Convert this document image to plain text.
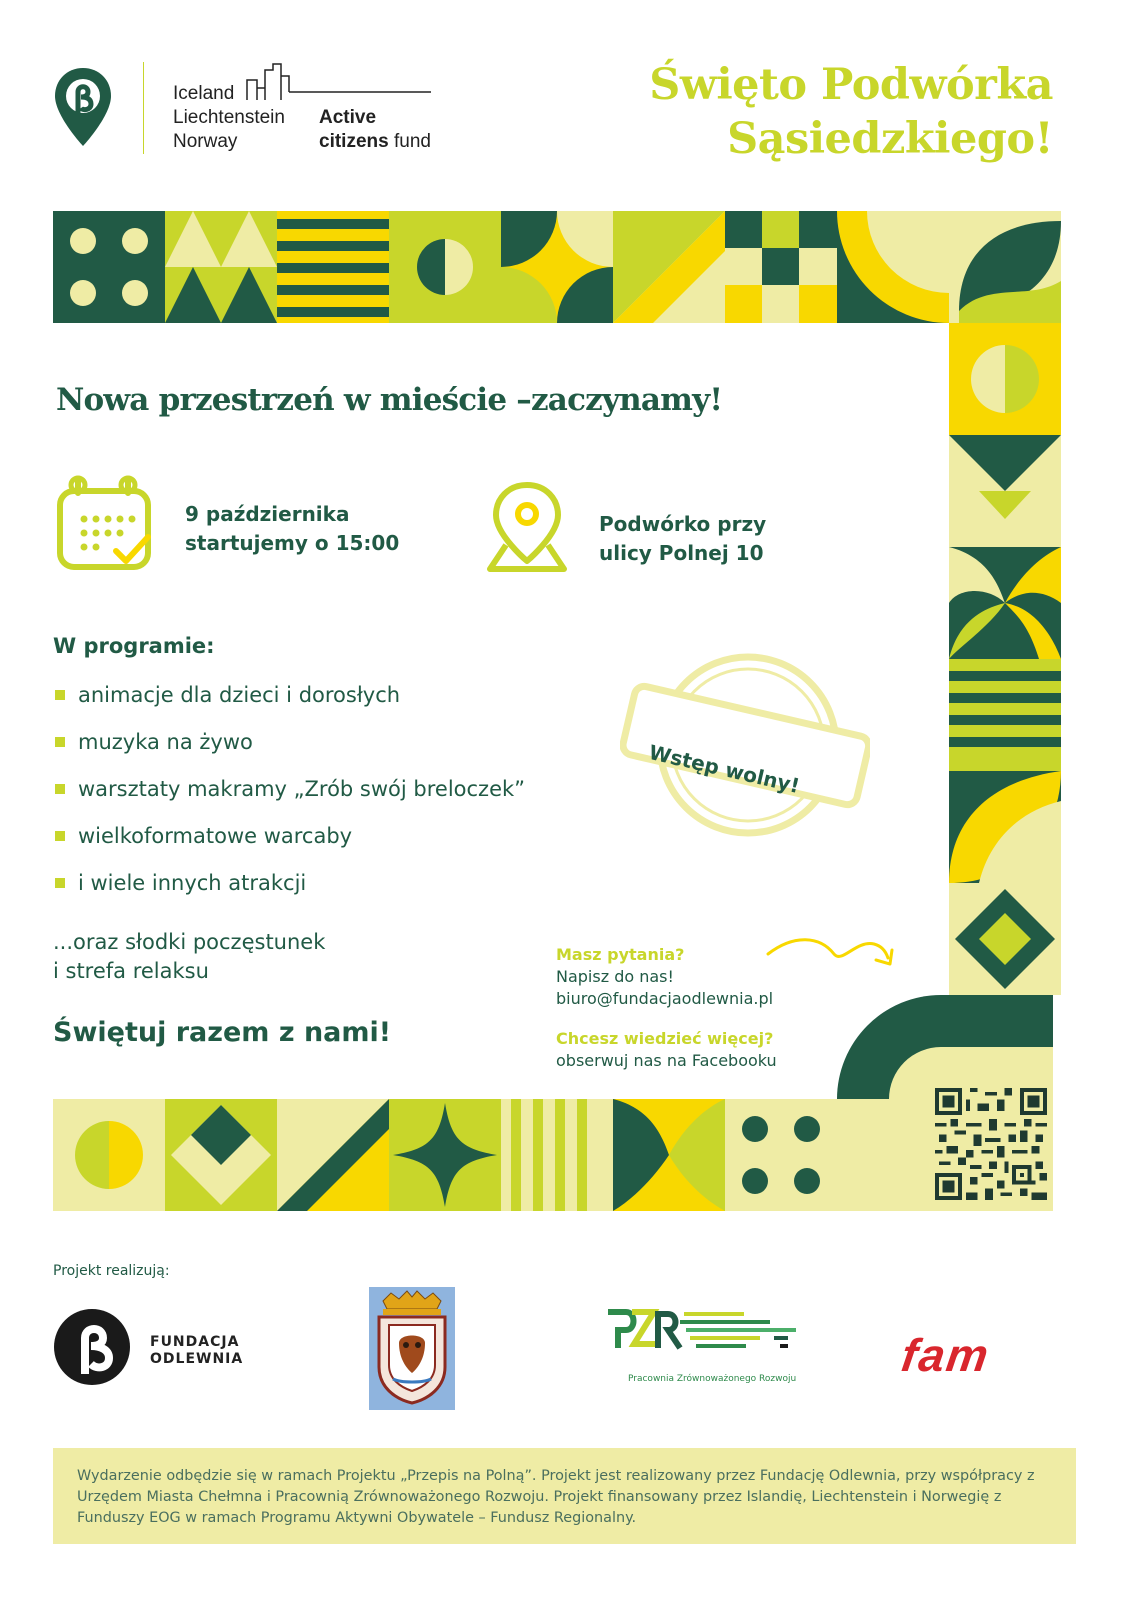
Iceland
Liechtenstein
Norway
Active
citizens fund
Święto Podwórka
Sąsiedzkiego!
Nowa przestrzeń w mieście –zaczynamy!
9 października
startujemy o 15:00
Podwórko przy
ulicy Polnej 10
W programie:
animacje dla dzieci i dorosłych
muzyka na żywo
warsztaty makramy „Zrób swój breloczek”
wielkoformatowe warcaby
i wiele innych atrakcji
...oraz słodki poczęstunek
i strefa relaksu
Świętuj razem z nami!
Wstęp wolny!
Masz pytania?
Napisz do nas!
biuro@fundacjaodlewnia.pl
Chcesz wiedzieć więcej?
obserwuj nas na Facebooku
Projekt realizują:
FUNDACJA
ODLEWNIA
Pracownia Zrównoważonego Rozwoju fam

Wydarzenie odbędzie się w ramach Projektu „Przepis na Polną”. Projekt jest realizowany przez Fundację Odlewnia, przy współpracy z Urzędem Miasta Chełmna i Pracownią Zrównoważonego Rozwoju. Projekt finansowany przez Islandię, Liechtenstein i Norwegię z Funduszy EOG w ramach Programu Aktywni Obywatele – Fundusz Regionalny.
